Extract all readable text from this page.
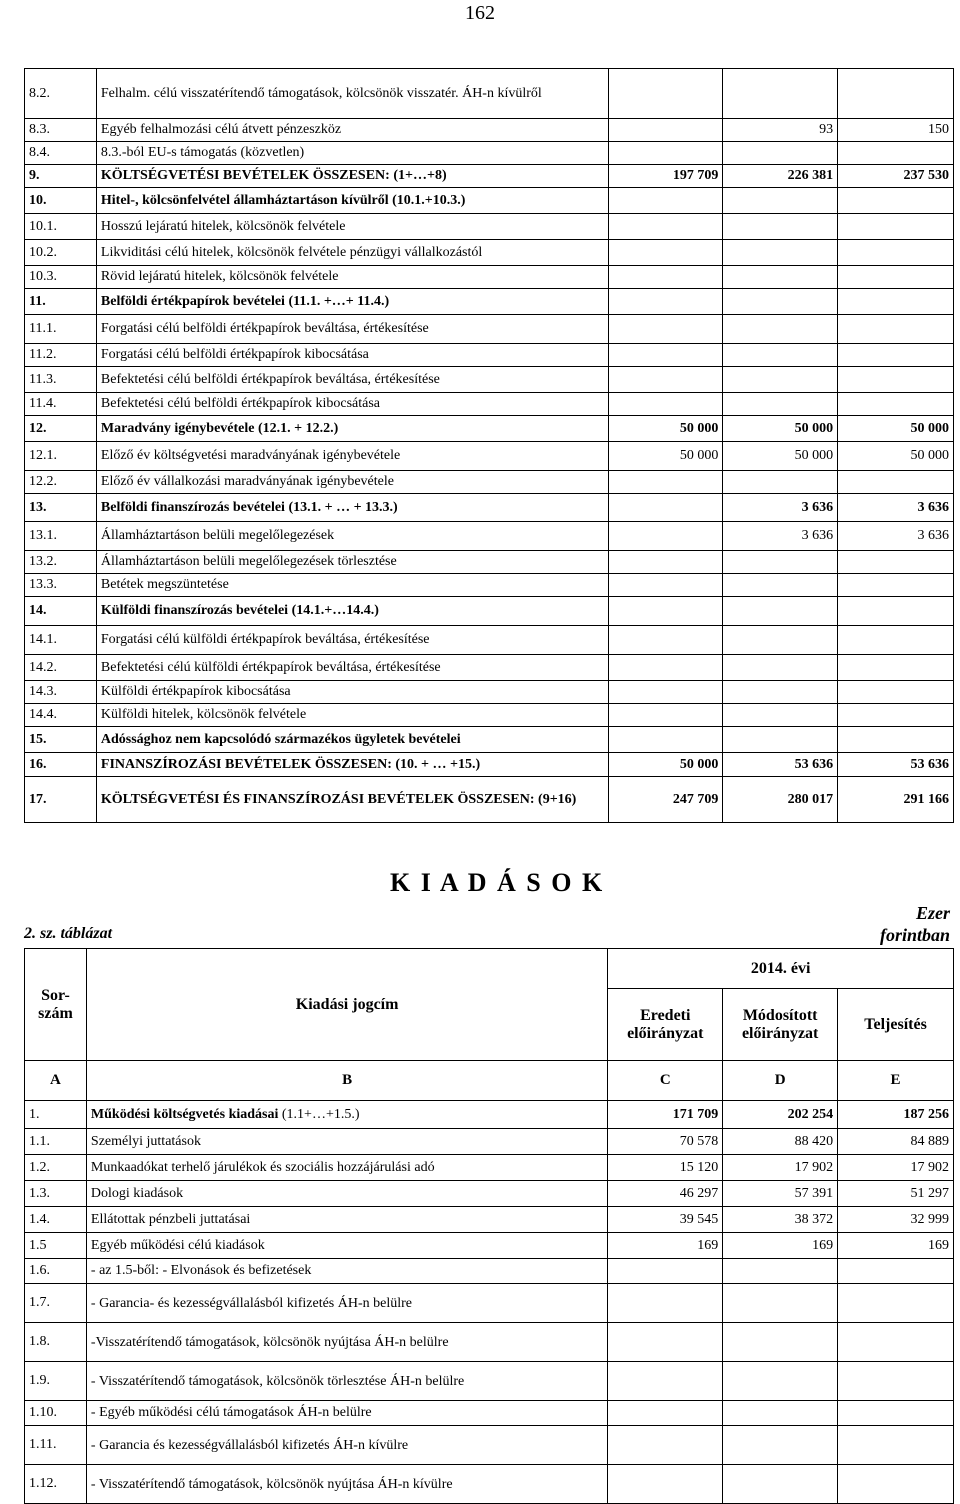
162
8.2.	Felhalm. célú visszatérítendő támogatások, kölcsönök visszatér. ÁH-n kívülről			
8.3.	Egyéb felhalmozási célú átvett pénzeszköz		93	150
8.4.	8.3.-ból EU-s támogatás (közvetlen)			
9.	KÖLTSÉGVETÉSI BEVÉTELEK ÖSSZESEN: (1+…+8)	197 709	226 381	237 530
10.	Hitel-, kölcsönfelvétel államháztartáson kívülről (10.1.+10.3.)			
10.1.	Hosszú lejáratú hitelek, kölcsönök felvétele			
10.2.	Likviditási célú hitelek, kölcsönök felvétele pénzügyi vállalkozástól			
10.3.	Rövid lejáratú hitelek, kölcsönök felvétele			
11.	Belföldi értékpapírok bevételei (11.1. +…+ 11.4.)			
11.1.	Forgatási célú belföldi értékpapírok beváltása, értékesítése			
11.2.	Forgatási célú belföldi értékpapírok kibocsátása			
11.3.	Befektetési célú belföldi értékpapírok beváltása, értékesítése			
11.4.	Befektetési célú belföldi értékpapírok kibocsátása			
12.	Maradvány igénybevétele (12.1. + 12.2.)	50 000	50 000	50 000
12.1.	Előző év költségvetési maradványának igénybevétele	50 000	50 000	50 000
12.2.	Előző év vállalkozási maradványának igénybevétele			
13.	Belföldi finanszírozás bevételei (13.1. + … + 13.3.)		3 636	3 636
13.1.	Államháztartáson belüli megelőlegezések		3 636	3 636
13.2.	Államháztartáson belüli megelőlegezések törlesztése			
13.3.	Betétek megszüntetése			
14.	Külföldi finanszírozás bevételei (14.1.+…14.4.)			
14.1.	Forgatási célú külföldi értékpapírok beváltása, értékesítése			
14.2.	Befektetési célú külföldi értékpapírok beváltása, értékesítése			
14.3.	Külföldi értékpapírok kibocsátása			
14.4.	Külföldi hitelek, kölcsönök felvétele			
15.	Adóssághoz nem kapcsolódó származékos ügyletek bevételei			
16.	FINANSZÍROZÁSI BEVÉTELEK ÖSSZESEN: (10. + … +15.)	50 000	53 636	53 636
17.	KÖLTSÉGVETÉSI ÉS FINANSZÍROZÁSI BEVÉTELEK ÖSSZESEN: (9+16)	247 709	280 017	291 166
K I A D Á S O K
2. sz. táblázat
Ezer
forintban
Sor-szám	Kiadási jogcím	2014. évi		
		Eredeti előirányzat	Módosított előirányzat	Teljesítés
A	B	C	D	E
1.	Működési költségvetés kiadásai (1.1+…+1.5.)	171 709	202 254	187 256
1.1.	Személyi juttatások	70 578	88 420	84 889
1.2.	Munkaadókat terhelő járulékok és szociális hozzájárulási adó	15 120	17 902	17 902
1.3.	Dologi kiadások	46 297	57 391	51 297
1.4.	Ellátottak pénzbeli juttatásai	39 545	38 372	32 999
1.5	Egyéb működési célú kiadások	169	169	169
1.6.	- az 1.5-ből: - Elvonások és befizetések			
1.7.	- Garancia- és kezességvállalásból kifizetés ÁH-n belülre			
1.8.	-Visszatérítendő támogatások, kölcsönök nyújtása ÁH-n belülre			
1.9.	- Visszatérítendő támogatások, kölcsönök törlesztése ÁH-n belülre			
1.10.	- Egyéb működési célú támogatások ÁH-n belülre			
1.11.	- Garancia és kezességvállalásból kifizetés ÁH-n kívülre			
1.12.	- Visszatérítendő támogatások, kölcsönök nyújtása ÁH-n kívülre			
